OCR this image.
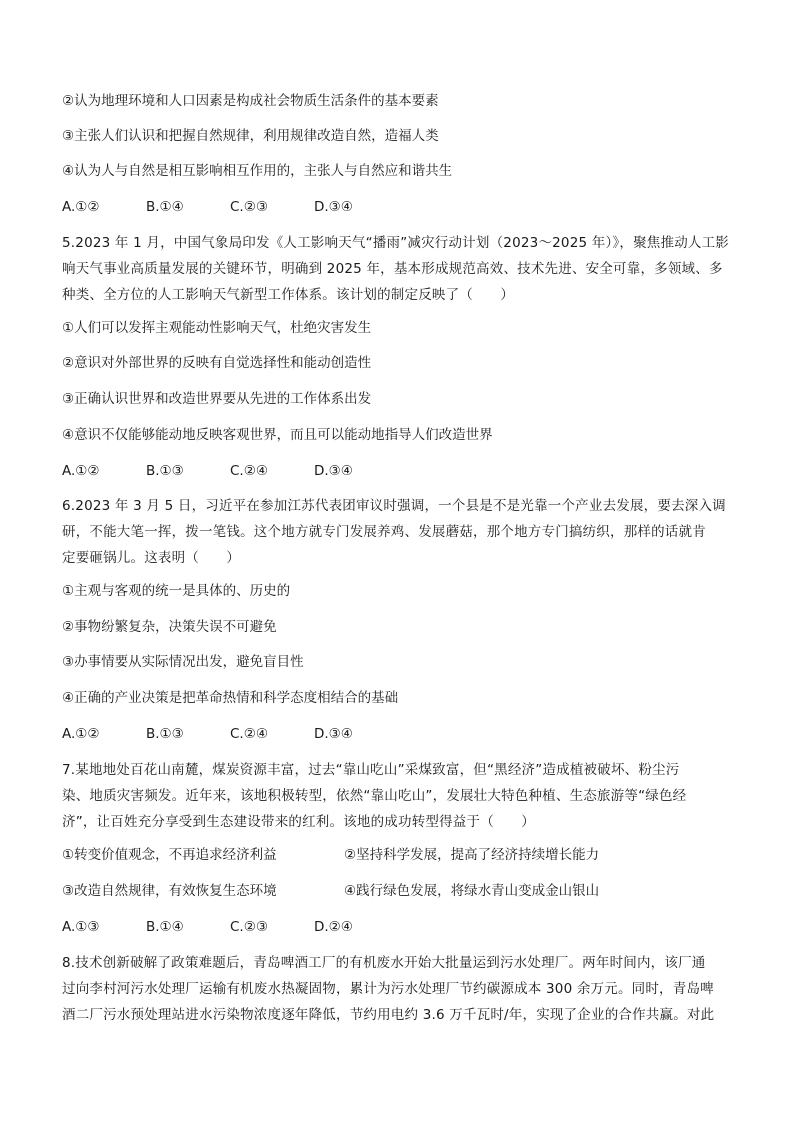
②认为地理环境和人口因素是构成社会物质生活条件的基本要素
③主张人们认识和把握自然规律，利用规律改造自然，造福人类
④认为人与自然是相互影响相互作用的，主张人与自然应和谐共生
A.①②	B.①④	C.②③	D.③④
5.2023 年 1 月，中国气象局印发《人工影响天气“播雨”减灾行动计划（2023～2025 年）》，聚焦推动人工影
响天气事业高质量发展的关键环节，明确到 2025 年，基本形成规范高效、技术先进、安全可靠，多领域、多
种类、全方位的人工影响天气新型工作体系。该计划的制定反映了（　　）
①人们可以发挥主观能动性影响天气，杜绝灾害发生
②意识对外部世界的反映有自觉选择性和能动创造性
③正确认识世界和改造世界要从先进的工作体系出发
④意识不仅能够能动地反映客观世界，而且可以能动地指导人们改造世界
A.①②	B.①③	C.②④	D.③④
6.2023 年 3 月 5 日，习近平在参加江苏代表团审议时强调，一个县是不是光靠一个产业去发展，要去深入调
研，不能大笔一挥，拨一笔钱。这个地方就专门发展养鸡、发展蘑菇，那个地方专门搞纺织，那样的话就肯
定要砸锅儿。这表明（　　）
①主观与客观的统一是具体的、历史的
②事物纷繁复杂，决策失误不可避免
③办事情要从实际情况出发，避免盲目性
④正确的产业决策是把革命热情和科学态度相结合的基础
A.①②	B.①③	C.②④	D.③④
7.某地地处百花山南麓，煤炭资源丰富，过去“靠山吃山”采煤致富，但“黑经济”造成植被破坏、粉尘污
染、地质灾害频发。近年来，该地积极转型，依然“靠山吃山”，发展壮大特色种植、生态旅游等“绿色经
济”，让百姓充分享受到生态建设带来的红利。该地的成功转型得益于（　　）
①转变价值观念，不再追求经济利益	②坚持科学发展，提高了经济持续增长能力
③改造自然规律，有效恢复生态环境	④践行绿色发展，将绿水青山变成金山银山
A.①③	B.①④	C.②③	D.②④
8.技术创新破解了政策难题后，青岛啤酒工厂的有机废水开始大批量运到污水处理厂。两年时间内，该厂通
过向李村河污水处理厂运输有机废水热凝固物，累计为污水处理厂节约碳源成本 300 余万元。同时，青岛啤
酒二厂污水预处理站进水污染物浓度逐年降低，节约用电约 3.6 万千瓦时/年，实现了企业的合作共赢。对此
